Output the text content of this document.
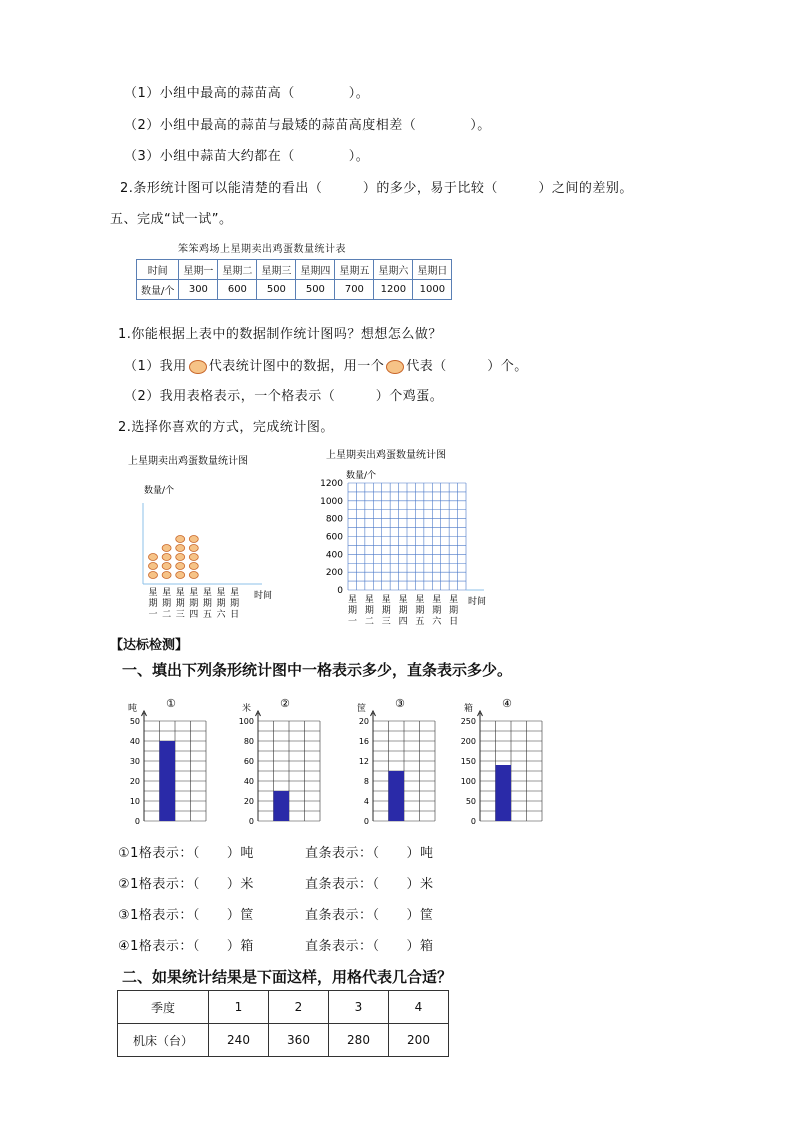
（1）小组中最高的蒜苗高（　　　　）。
（2）小组中最高的蒜苗与最矮的蒜苗高度相差（　　　　）。
（3）小组中蒜苗大约都在（　　　　）。
2.条形统计图可以能清楚的看出（　　　）的多少，易于比较（　　　）之间的差别。
五、完成“试一试”。
笨笨鸡场上星期卖出鸡蛋数量统计表
时间	星期一	星期二	星期三	星期四	星期五	星期六	星期日
数量/个	300	600	500	500	700	1200	1000
1.你能根据上表中的数据制作统计图吗？想想怎么做？
（1）我用 代表统计图中的数据，用一个 代表（　　　）个。
（2）我用表格表示，一个格表示（　　　）个鸡蛋。
2.选择你喜欢的方式，完成统计图。
上星期卖出鸡蛋数量统计图
数量/个
时间
星
期
一
星
期
二
星
期
三
星
期
四
星
期
五
星
期
六
星
期
日
上星期卖出鸡蛋数量统计图
数量/个
0
200
400
600
800
1000
1200
时间
星
期
一
星
期
二
星
期
三
星
期
四
星
期
五
星
期
六
星
期
日
【达标检测】
一、填出下列条形统计图中一格表示多少，直条表示多少。
吨	①
0
10
20
30
40
50
米	②
0
20
40
60
80
100
筐	③
0
4
8
12
16
20
箱	④
0
50
100
150
200
250
①1格表示：（　　）吨	直条表示：（　　）吨
②1格表示：（　　）米	直条表示：（　　）米
③1格表示：（　　）筐	直条表示：（　　）筐
④1格表示：（　　）箱	直条表示：（　　）箱
二、如果统计结果是下面这样，用格代表几合适？
季度	1	2	3	4
机床（台）	240	360	280	200
